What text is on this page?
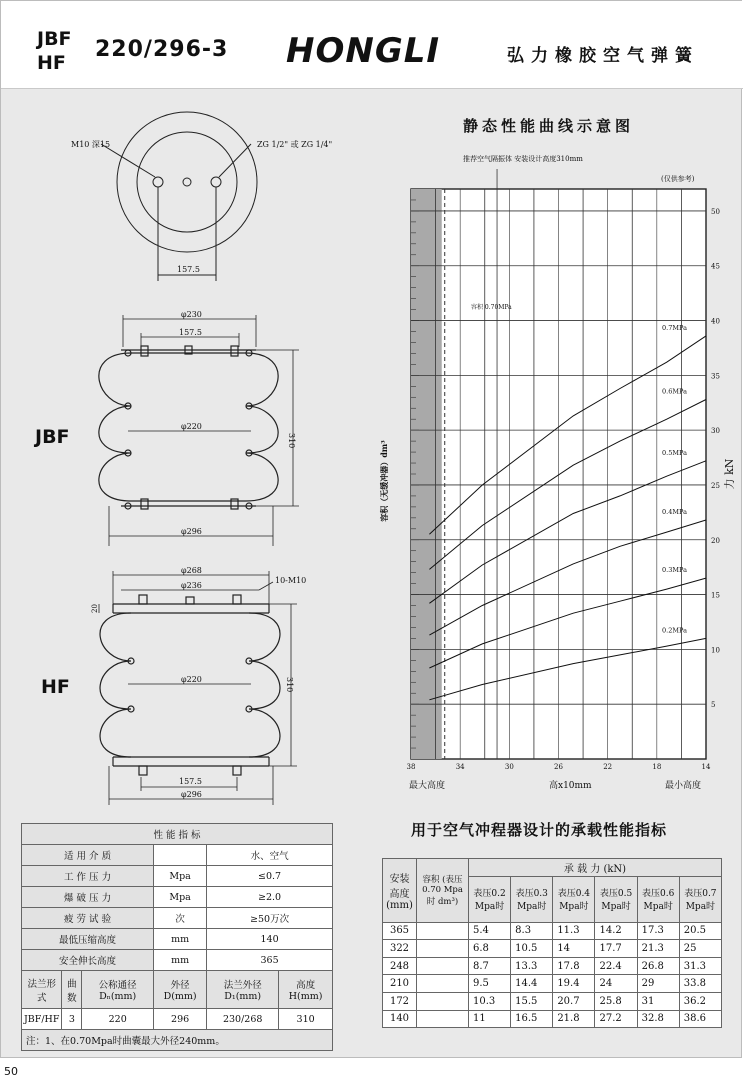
JBF
HF
220/296-3 HONGLI	弘力橡胶空气弹簧
M10 深15	ZG 1/2" 或 ZG 1/4"
157.5
φ230
157.5
φ220
φ296
310
φ268
φ236
10-M10
20
φ220
157.5
φ296
310
JBF
HF
静态性能曲线示意图
5
10
15
20
25
30
35
40
45
50
38	34	30	26	22	18	14
0.2MPa
0.3MPa
0.4MPa
0.5MPa
0.6MPa
0.7MPa
推荐空气隔振体 安装设计高度310mm
(仅供参考)
容积 0.70MPa
容积（无缓冲器）dm³	力 kN
最大高度	高x10mm	最小高度
性 能 指 标					
适 用 介 质				水、空气	
工 作 压 力			Mpa	≤0.7	
爆 破 压 力			Mpa	≥2.0	
疲 劳 试 验			次	≥50万次	
最低压缩高度			mm	140	
安全伸长高度			mm	365	
法兰形式	曲数	公称通径 Dₙ(mm)	外径 D(mm)	法兰外径 D₁(mm)	高度 H(mm)
JBF/HF	3	220	296	230/268	310
注：1、在0.70Mpa时曲囊最大外径240mm。					
用于空气冲程器设计的承载性能指标
安装 高度 (mm)	容积 (表压0.70 Mpa时 dm³)	承 载 力 (kN)					
		表压0.2 Mpa时	表压0.3 Mpa时	表压0.4 Mpa时	表压0.5 Mpa时	表压0.6 Mpa时	表压0.7 Mpa时
365		5.4	8.3	11.3	14.2	17.3	20.5
322		6.8	10.5	14	17.7	21.3	25
248		8.7	13.3	17.8	22.4	26.8	31.3
210		9.5	14.4	19.4	24	29	33.8
172		10.3	15.5	20.7	25.8	31	36.2
140		11	16.5	21.8	27.2	32.8	38.6
50
